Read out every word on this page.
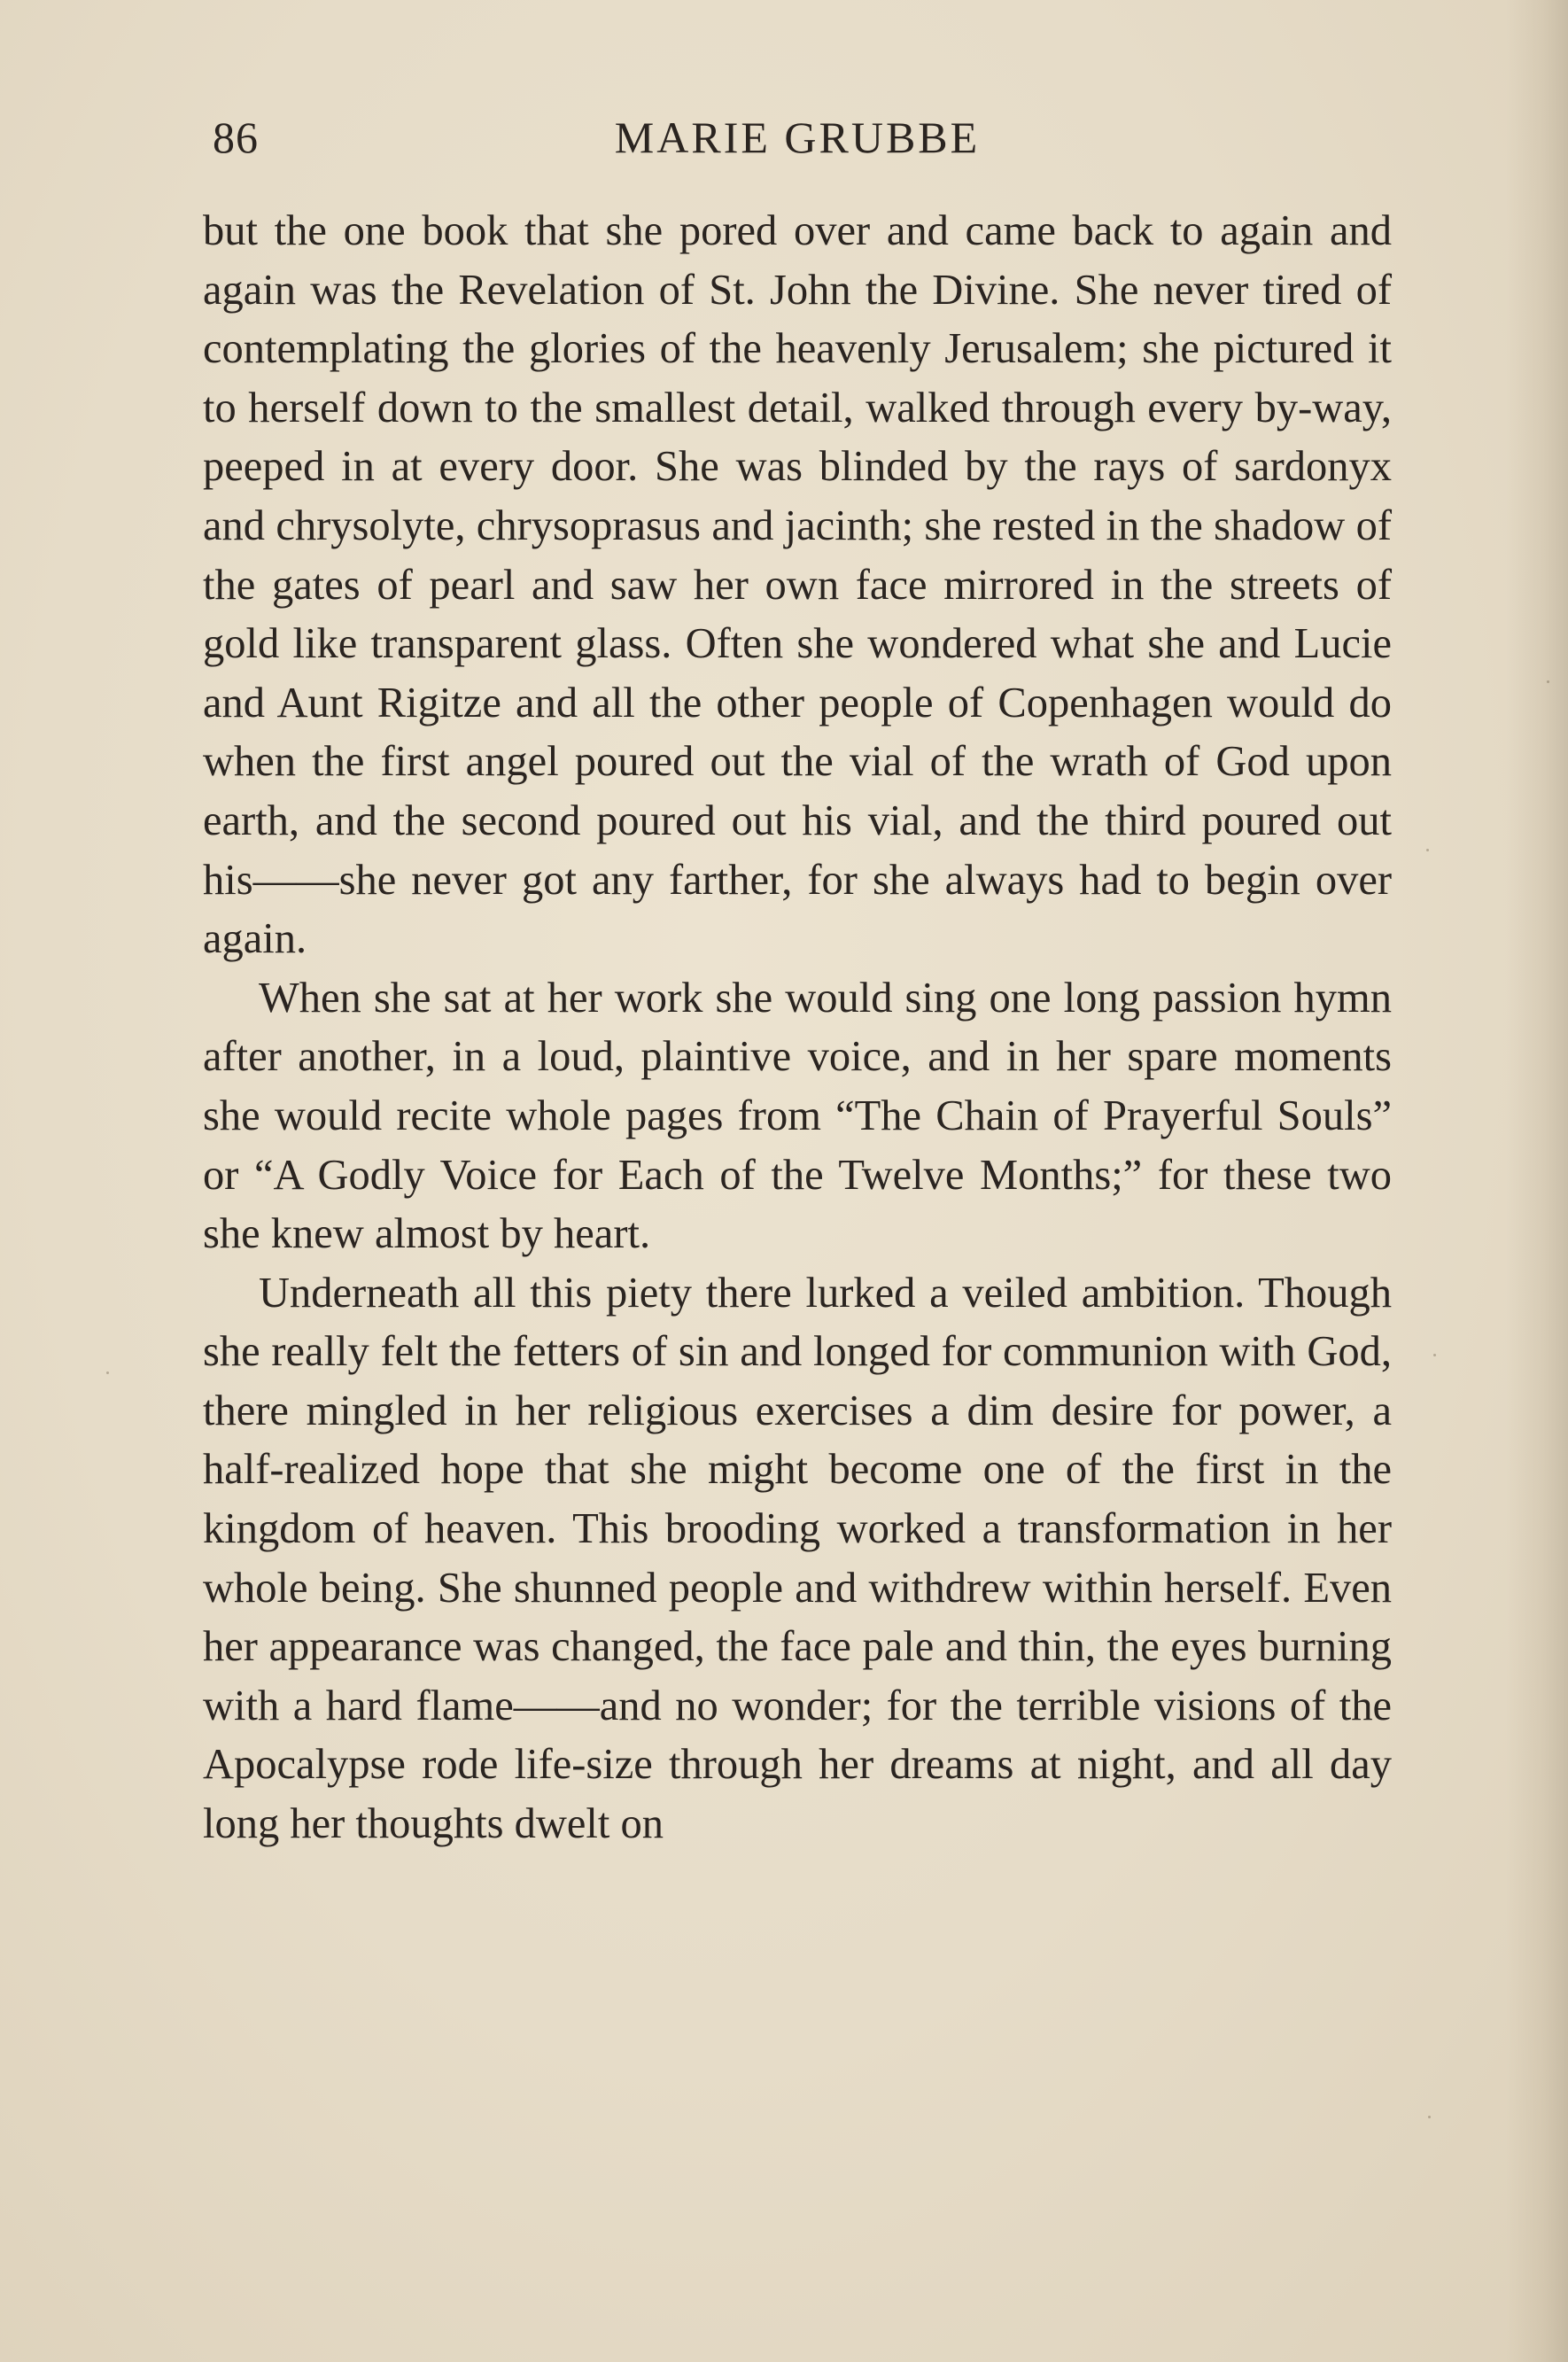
86	MARIE GRUBBE

but the one book that she pored over and came back to again and again was the Revelation of St. John the Divine. She never tired of contemplating the glories of the heavenly Jerusalem; she pictured it to herself down to the smallest detail, walked through every by-way, peeped in at every door. She was blinded by the rays of sardonyx and chrysolyte, chrysoprasus and jacinth; she rested in the shadow of the gates of pearl and saw her own face mirrored in the streets of gold like transparent glass. Often she wondered what she and Lucie and Aunt Rigitze and all the other people of Copenhagen would do when the first angel poured out the vial of the wrath of God upon earth, and the second poured out his vial, and the third poured out his——she never got any farther, for she always had to begin over again.

When she sat at her work she would sing one long passion hymn after another, in a loud, plaintive voice, and in her spare moments she would recite whole pages from “The Chain of Prayerful Souls” or “A Godly Voice for Each of the Twelve Months;” for these two she knew almost by heart.

Underneath all this piety there lurked a veiled ambition. Though she really felt the fetters of sin and longed for communion with God, there mingled in her religious exercises a dim desire for power, a half-realized hope that she might become one of the first in the kingdom of heaven. This brooding worked a transformation in her whole being. She shunned people and withdrew within herself. Even her appearance was changed, the face pale and thin, the eyes burning with a hard flame——and no wonder; for the terrible visions of the Apocalypse rode life-size through her dreams at night, and all day long her thoughts dwelt on
